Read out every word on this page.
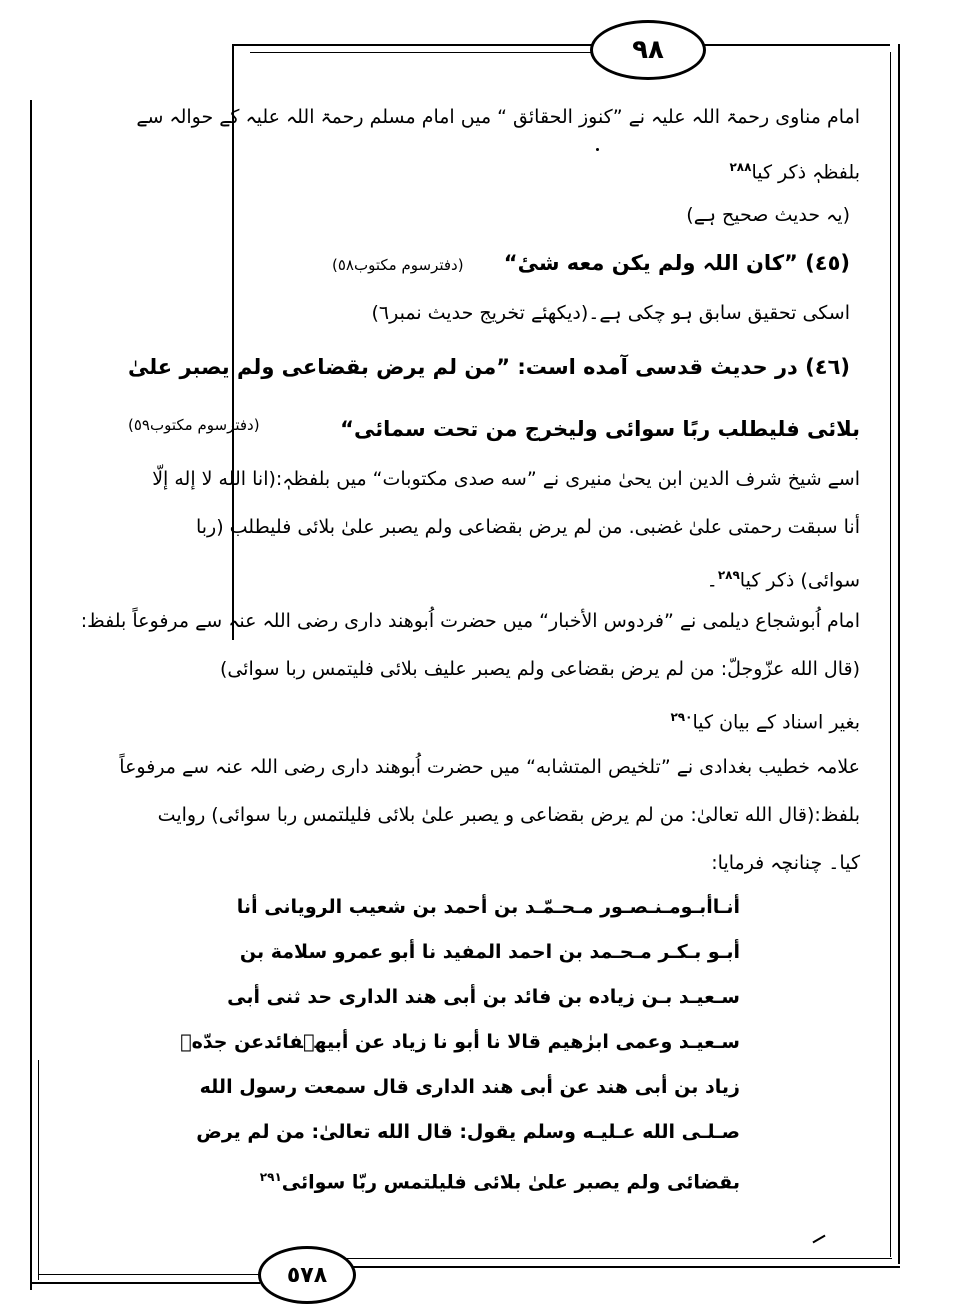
٩٨
٥٧٨
امام مناوی رحمۃ اللہ علیہ نے ”کنوز الحقائق “ میں امام مسلم رحمۃ اللہ علیہ کے حوالہ سے
بلفظہٖ ذکر کیا$^{٢٨٨}$
(یہ حدیث صحیح ہے)
(٤٥) ”کان اللہ ولم یکن معه شیٔ“
(دفترسوم مکتوب٥٨)
اسکی تحقیق سابق ہو چکی ہے۔(دیکھئے تخریج حدیث نمبر٦)
(٤٦) در حدیث قدسی آمده است: ”من لم یرض بقضاعی ولم یصبر علیٰ
بلائی فلیطلب ربًا سوائی ولیخرج من تحت سمائی“
(دفترسوم مکتوب٥٩)
اسے شیخ شرف الدین ابن یحیٰ منیری نے ”سه صدی مکتوبات“ میں بلفظہٖ:(انا الله لا إله إلّا
أنا سبقت رحمتی علیٰ غضبی. من لم یرض بقضاعی ولم یصبر علیٰ بلائی فلیطلب (ربا
سوائی) ذکر کیا$^{٢٨٩}$۔
امام اُبوشجاع دیلمی نے ”فردوس الأخبار“ میں حضرت اُبوھند داری رضی اللہ عنہ سے مرفوعاً بلفظ:
(قال الله عزّوجلّ: من لم یرض بقضاعی ولم یصبر علیف بلائی فلیتمس ربا سوائی)
بغیر اسناد کے بیان کیا$^{٢٩٠}$
علامہ خطیب بغدادی نے ”تلخیص المتشابه“ میں حضرت اُبوھند داری رضی اللہ عنہ سے مرفوعاً
بلفظ:(قال الله تعالیٰ: من لم یرض بقضاعی و یصبر علیٰ بلائی فلیلتمس ربا سوائی) روایت
کیا۔ چنانچہ فرمایا:
أنـاأبـومـنـصـور مـحـمّـد بن أحمد بن شعیب الرویانی أنا
أبـو بـكـر مـحـمد بن احمد المفید نا أبو عمرو سلامة بن
سـعیـد بـن زیاده بن فائد بن أبی هند الداری حد ثنی أبی
سـعیـد وعمی ابرٰهیم قالا نا أبو نا زیاد عن أبیهٖفائدعن جدّهٖ
زیاد بن أبی هند عن أبی هند الداری قال سمعت رسول الله
صـلـی الله عـلیـه وسلم یقول: قال الله تعالیٰ: من لم یرض
بقضائی ولم یصبر علیٰ بلائی فلیلتمس ربّا سوائی$^{٢٩١}$
